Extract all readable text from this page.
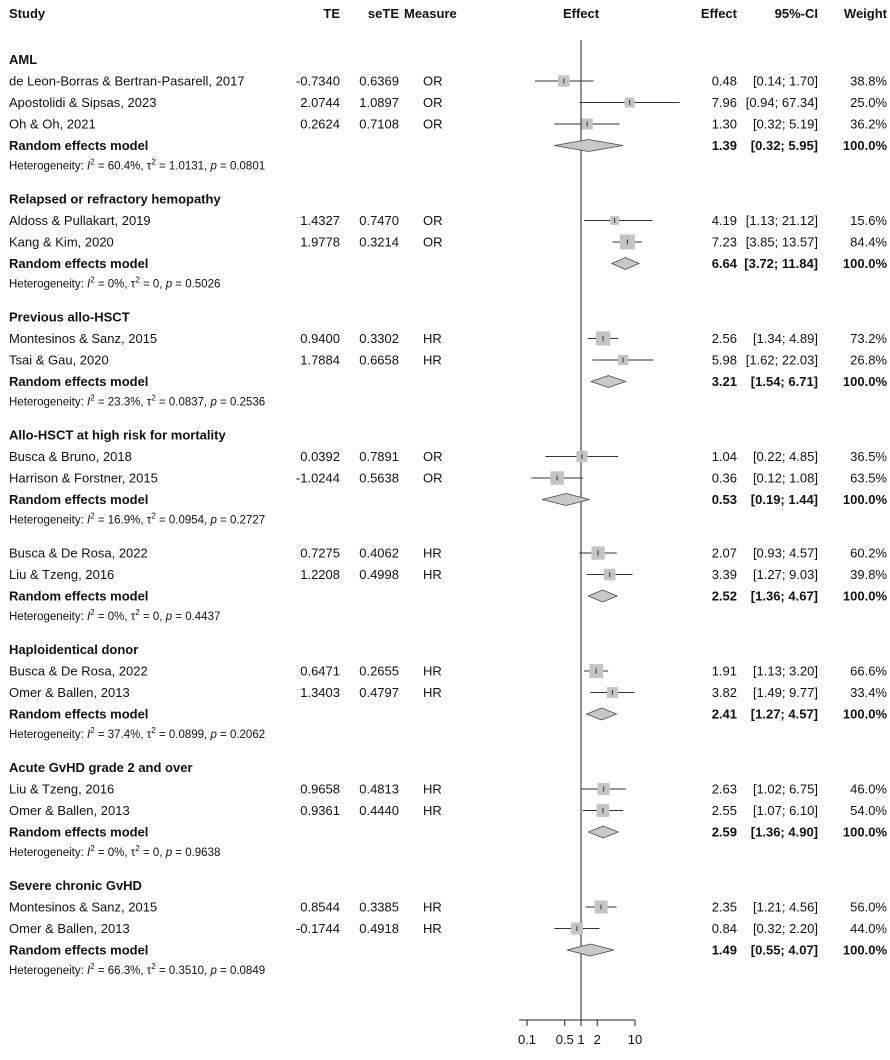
Study	TE seTE Measure	Effect	Effect	95%-CI Weight
AML
de Leon-Borras & Bertran-Pasarell, 2017	-0.7340 0.6369 OR	0.48 [0.14; 1.70] 38.8%
Apostolidi & Sipsas, 2023	2.0744 1.0897 OR	7.96 [0.94; 67.34] 25.0%
Oh & Oh, 2021	0.2624 0.7108 OR	1.30 [0.32; 5.19] 36.2%
Random effects model	1.39 [0.32; 5.95] 100.0%
Heterogeneity: $I^2 = 60.4\%$, $\tau^2 = 1.0131$, p = 0.0801
Relapsed or refractory hemopathy
Aldoss & Pullakart, 2019	1.4327 0.7470 OR	4.19 [1.13; 21.12] 15.6%
Kang & Kim, 2020	1.9778 0.3214 OR	7.23 [3.85; 13.57] 84.4%
Random effects model	6.64 [3.72; 11.84] 100.0%
Heterogeneity: $I^2 = 0\%$, $\tau^2 = 0$, p = 0.5026
Previous allo-HSCT
Montesinos & Sanz, 2015	0.9400 0.3302 HR	2.56 [1.34; 4.89] 73.2%
Tsai & Gau, 2020	1.7884 0.6658 HR	5.98 [1.62; 22.03] 26.8%
Random effects model	3.21 [1.54; 6.71] 100.0%
Heterogeneity: $I^2 = 23.3\%$, $\tau^2 = 0.0837$, p = 0.2536
Allo-HSCT at high risk for mortality
Busca & Bruno, 2018	0.0392 0.7891 OR	1.04 [0.22; 4.85] 36.5%
Harrison & Forstner, 2015	-1.0244 0.5638 OR	0.36 [0.12; 1.08] 63.5%
Random effects model	0.53 [0.19; 1.44] 100.0%
Heterogeneity: $I^2 = 16.9\%$, $\tau^2 = 0.0954$, p = 0.2727
Busca & De Rosa, 2022	0.7275 0.4062 HR	2.07 [0.93; 4.57] 60.2%
Liu & Tzeng, 2016	1.2208 0.4998 HR	3.39 [1.27; 9.03] 39.8%
Random effects model	2.52 [1.36; 4.67] 100.0%
Heterogeneity: $I^2 = 0\%$, $\tau^2 = 0$, p = 0.4437
Haploidentical donor
Busca & De Rosa, 2022	0.6471 0.2655 HR	1.91 [1.13; 3.20] 66.6%
Omer & Ballen, 2013	1.3403 0.4797 HR	3.82 [1.49; 9.77] 33.4%
Random effects model	2.41 [1.27; 4.57] 100.0%
Heterogeneity: $I^2 = 37.4\%$, $\tau^2 = 0.0899$, p = 0.2062
Acute GvHD grade 2 and over
Liu & Tzeng, 2016	0.9658 0.4813 HR	2.63 [1.02; 6.75] 46.0%
Omer & Ballen, 2013	0.9361 0.4440 HR	2.55 [1.07; 6.10] 54.0%
Random effects model	2.59 [1.36; 4.90] 100.0%
Heterogeneity: $I^2 = 0\%$, $\tau^2 = 0$, p = 0.9638
Severe chronic GvHD
Montesinos & Sanz, 2015	0.8544 0.3385 HR	2.35 [1.21; 4.56] 56.0%
Omer & Ballen, 2013	-0.1744 0.4918 HR	0.84 [0.32; 2.20] 44.0%
Random effects model	1.49 [0.55; 4.07] 100.0%
Heterogeneity: $I^2 = 66.3\%$, $\tau^2 = 0.3510$, p = 0.0849
0.1 0.5 1 2 10
